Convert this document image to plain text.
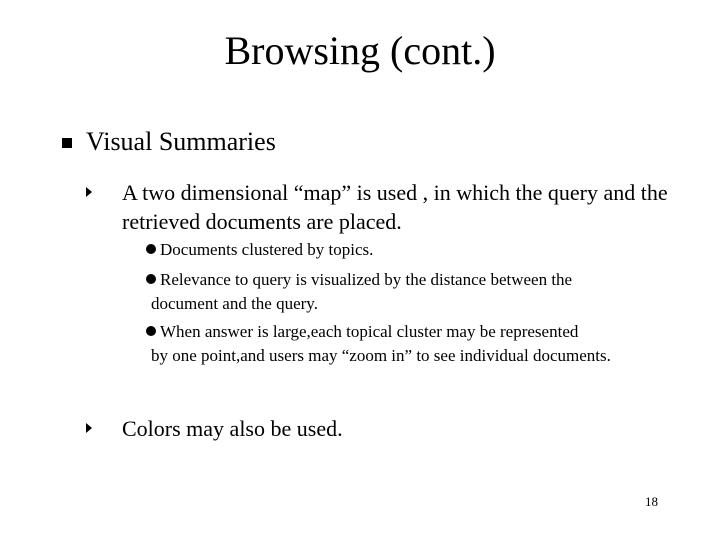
Browsing (cont.)
Visual Summaries
A two dimensional “map” is used , in which the query and the retrieved documents are placed.
Documents clustered by topics.
Relevance to query is visualized by the distance between the
document and the query.
When answer is large,each topical cluster may be represented
by one point,and users may “zoom in” to see individual documents.
Colors may also be used.
18
